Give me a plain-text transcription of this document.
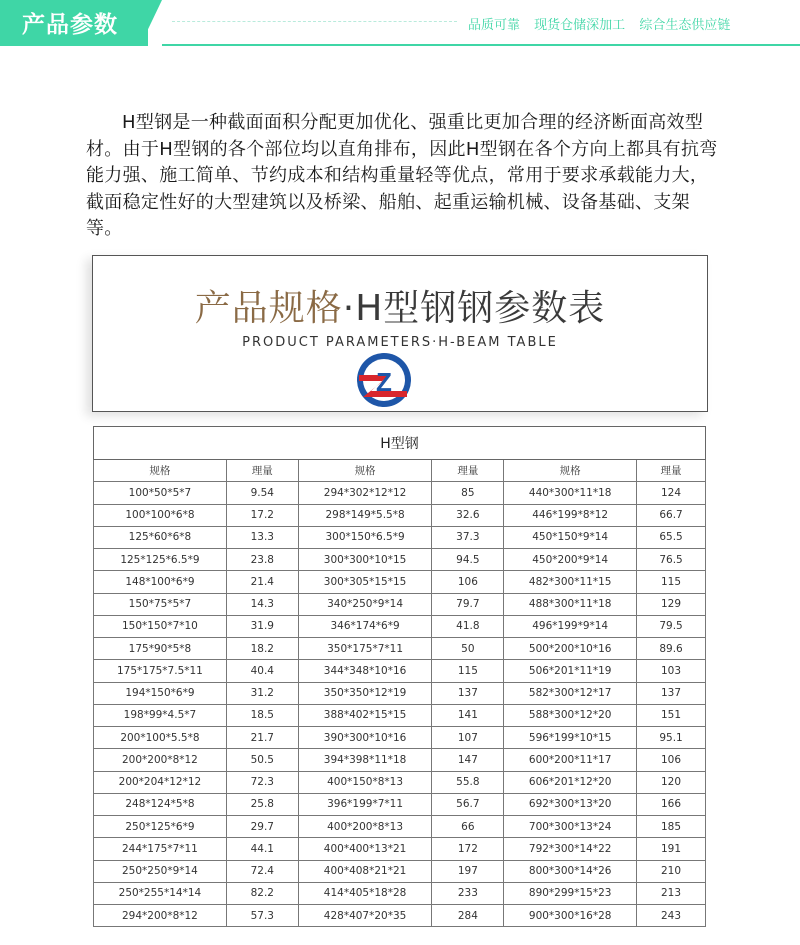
产品参数	品质可靠 现货仓储深加工 综合生态供应链
H型钢是一种截面面积分配更加优化、强重比更加合理的经济断面高效型材。由于H型钢的各个部位均以直角排布，因此H型钢在各个方向上都具有抗弯能力强、施工简单、节约成本和结构重量轻等优点，常用于要求承载能力大，截面稳定性好的大型建筑以及桥梁、船舶、起重运输机械、设备基础、支架等。
产品规格·H型钢钢参数表
PRODUCT PARAMETERS·H-BEAM TABLE
Z
H型钢					
规格	理量	规格	理量	规格	理量
100*50*5*7	9.54	294*302*12*12	85	440*300*11*18	124
100*100*6*8	17.2	298*149*5.5*8	32.6	446*199*8*12	66.7
125*60*6*8	13.3	300*150*6.5*9	37.3	450*150*9*14	65.5
125*125*6.5*9	23.8	300*300*10*15	94.5	450*200*9*14	76.5
148*100*6*9	21.4	300*305*15*15	106	482*300*11*15	115
150*75*5*7	14.3	340*250*9*14	79.7	488*300*11*18	129
150*150*7*10	31.9	346*174*6*9	41.8	496*199*9*14	79.5
175*90*5*8	18.2	350*175*7*11	50	500*200*10*16	89.6
175*175*7.5*11	40.4	344*348*10*16	115	506*201*11*19	103
194*150*6*9	31.2	350*350*12*19	137	582*300*12*17	137
198*99*4.5*7	18.5	388*402*15*15	141	588*300*12*20	151
200*100*5.5*8	21.7	390*300*10*16	107	596*199*10*15	95.1
200*200*8*12	50.5	394*398*11*18	147	600*200*11*17	106
200*204*12*12	72.3	400*150*8*13	55.8	606*201*12*20	120
248*124*5*8	25.8	396*199*7*11	56.7	692*300*13*20	166
250*125*6*9	29.7	400*200*8*13	66	700*300*13*24	185
244*175*7*11	44.1	400*400*13*21	172	792*300*14*22	191
250*250*9*14	72.4	400*408*21*21	197	800*300*14*26	210
250*255*14*14	82.2	414*405*18*28	233	890*299*15*23	213
294*200*8*12	57.3	428*407*20*35	284	900*300*16*28	243
